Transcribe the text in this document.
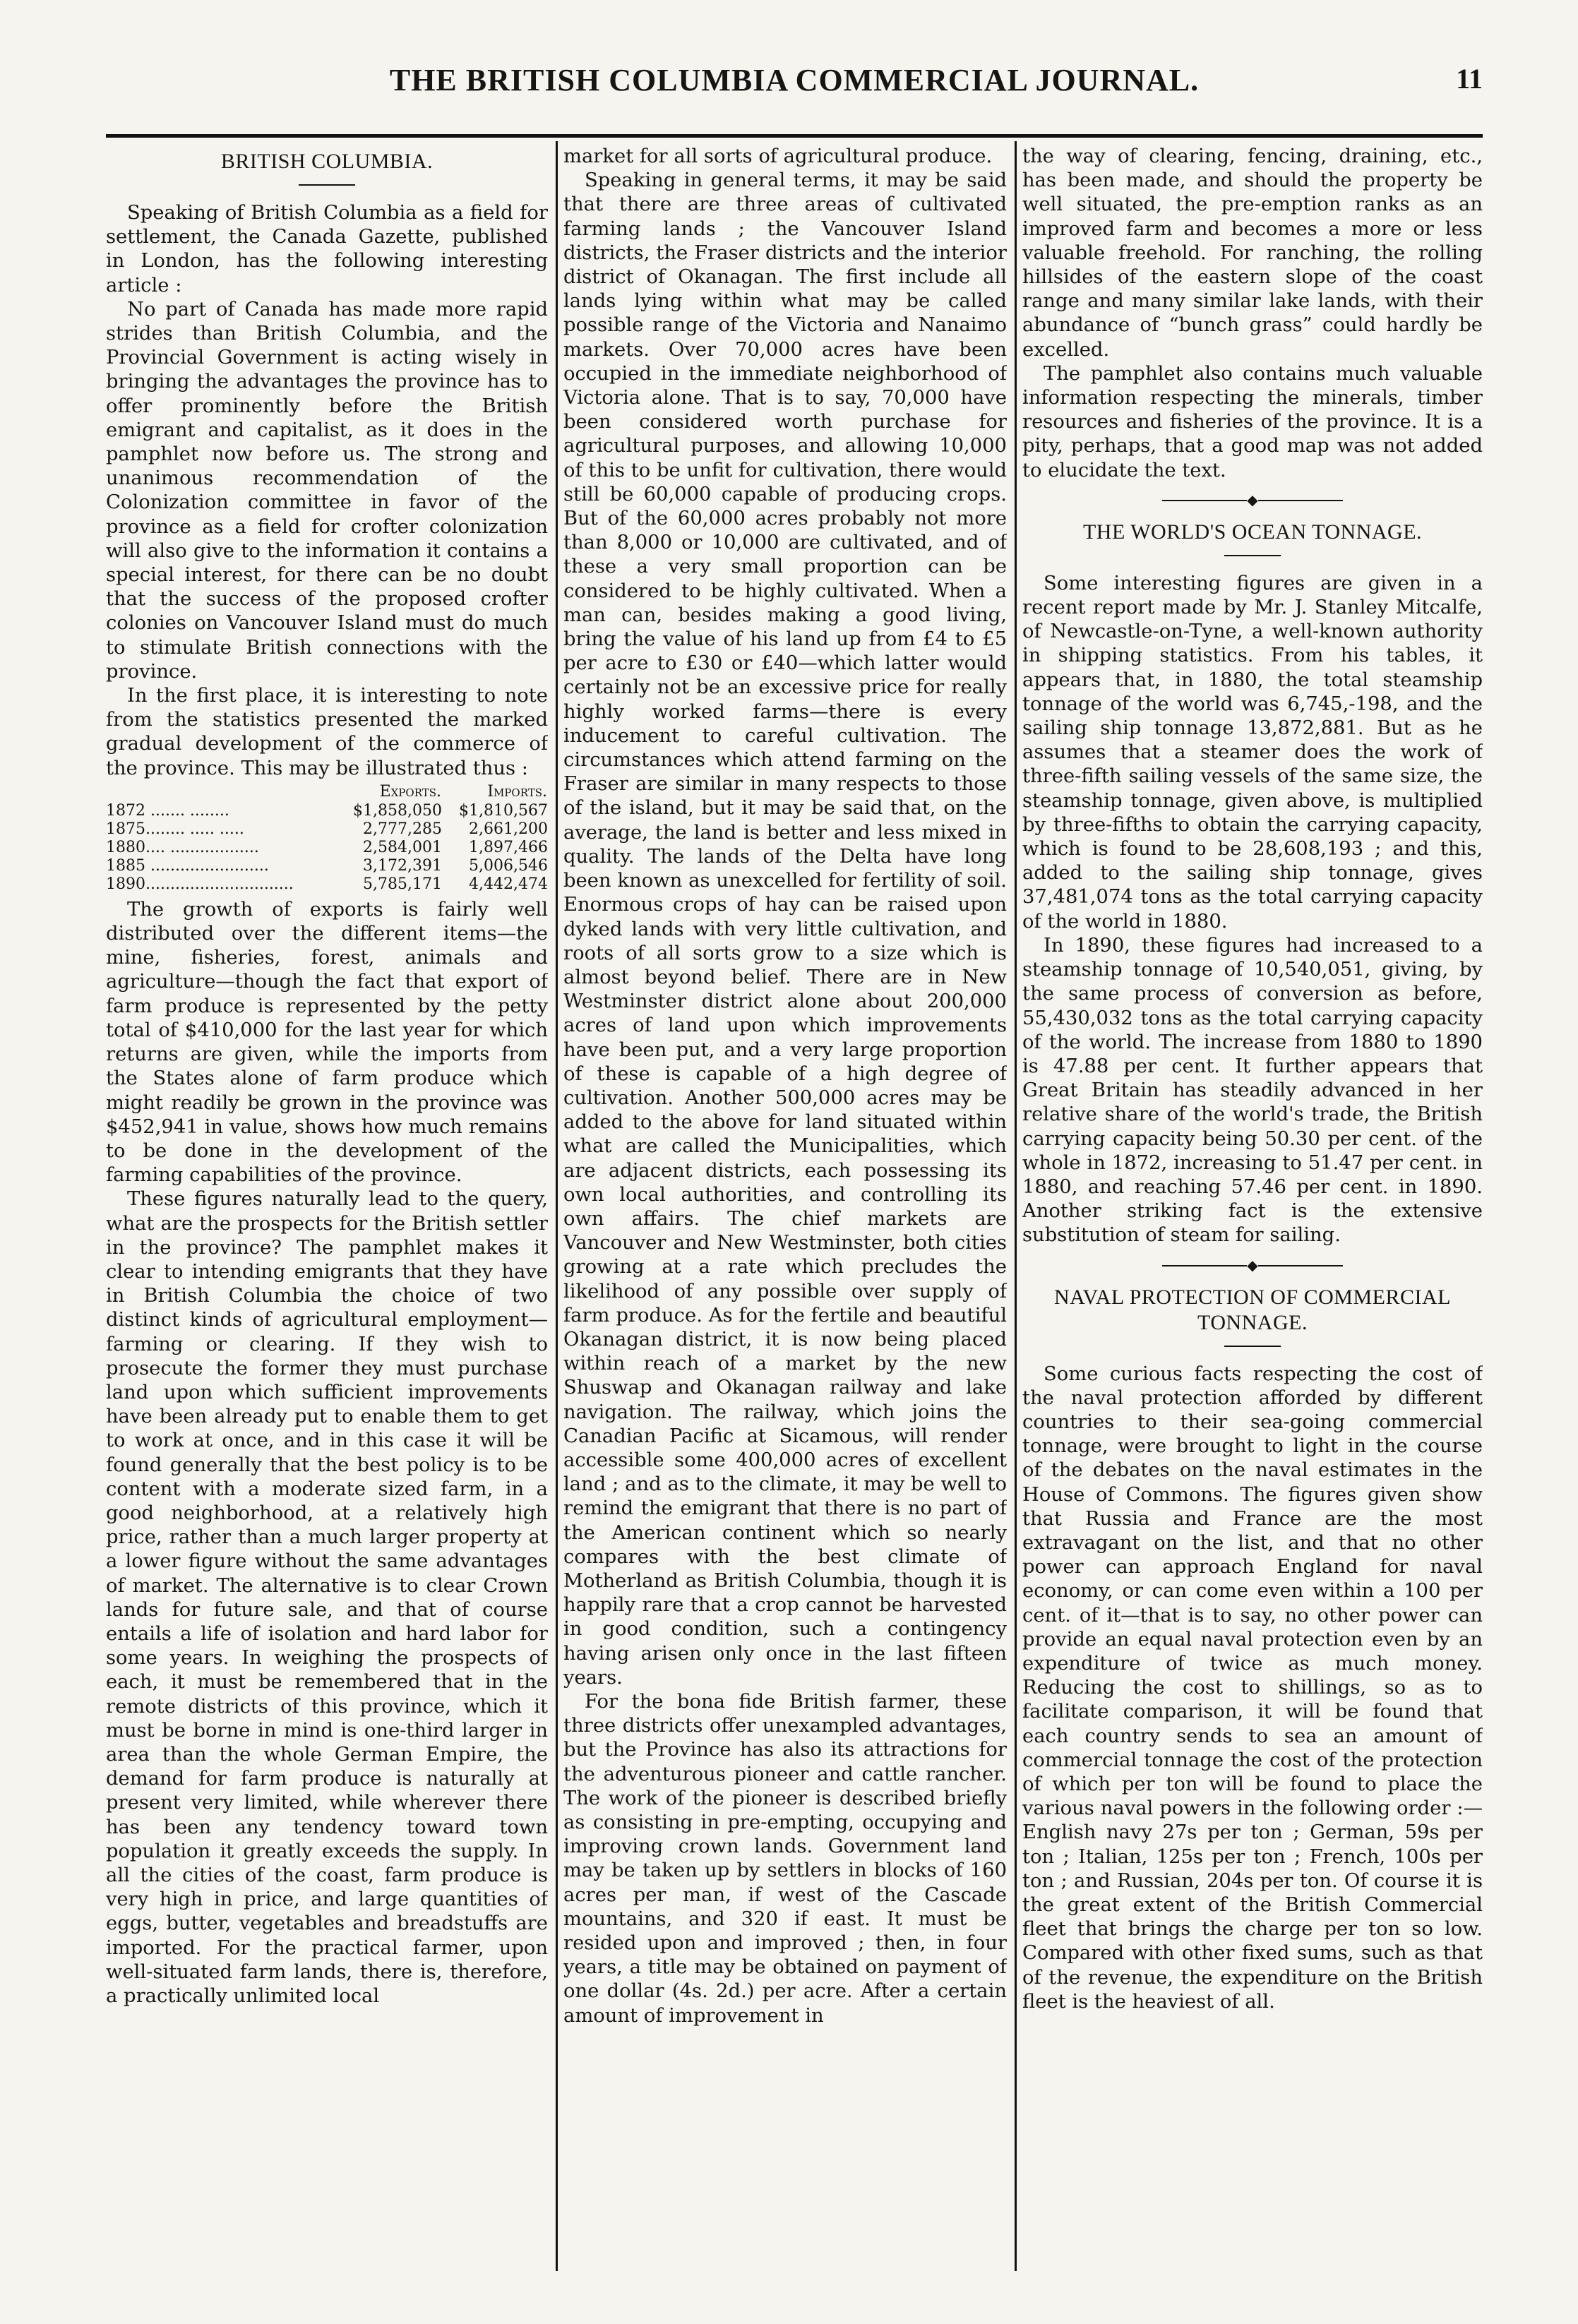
THE BRITISH COLUMBIA COMMERCIAL JOURNAL.	11
BRITISH COLUMBIA.

Speaking of British Columbia as a field for settlement, the Canada Gazette, published in London, has the following interesting article :

No part of Canada has made more rapid strides than British Columbia, and the Provincial Government is acting wisely in bringing the advantages the province has to offer prominently before the British emigrant and capitalist, as it does in the pamphlet now before us. The strong and unanimous recommendation of the Colonization committee in favor of the province as a field for crofter colonization will also give to the information it contains a special interest, for there can be no doubt that the success of the proposed crofter colonies on Vancouver Island must do much to stimulate British connections with the province.

In the first place, it is interesting to note from the statistics presented the marked gradual development of the commerce of the province. This may be illustrated thus :

	Exports.	Imports.
1872 ....... ........	$1,858,050	$1,810,567
1875........ ..... .....	2,777,285	2,661,200
1880.... ..................	2,584,001	1,897,466
1885 ........................	3,172,391	5,006,546
1890..............................	5,785,171	4,442,474

The growth of exports is fairly well distributed over the different items—the mine, fisheries, forest, animals and agriculture—though the fact that export of farm produce is represented by the petty total of $410,000 for the last year for which returns are given, while the imports from the States alone of farm produce which might readily be grown in the province was $452,941 in value, shows how much remains to be done in the development of the farming capabilities of the province.

These figures naturally lead to the query, what are the prospects for the British settler in the province? The pamphlet makes it clear to intending emigrants that they have in British Columbia the choice of two distinct kinds of agricultural employment—farming or clearing. If they wish to prosecute the former they must purchase land upon which sufficient improvements have been already put to enable them to get to work at once, and in this case it will be found generally that the best policy is to be content with a moderate sized farm, in a good neighborhood, at a relatively high price, rather than a much larger property at a lower figure without the same advantages of market. The alternative is to clear Crown lands for future sale, and that of course entails a life of isolation and hard labor for some years. In weighing the prospects of each, it must be remembered that in the remote districts of this province, which it must be borne in mind is one-third larger in area than the whole German Empire, the demand for farm produce is naturally at present very limited, while wherever there has been any tendency toward town population it greatly exceeds the supply. In all the cities of the coast, farm produce is very high in price, and large quantities of eggs, butter, vegetables and breadstuffs are imported. For the practical farmer, upon well-situated farm lands, there is, therefore, a practically unlimited local

market for all sorts of agricultural produce.

Speaking in general terms, it may be said that there are three areas of cultivated farming lands ; the Vancouver Island districts, the Fraser districts and the interior district of Okanagan. The first include all lands lying within what may be called possible range of the Victoria and Nanaimo markets. Over 70,000 acres have been occupied in the immediate neighborhood of Victoria alone. That is to say, 70,000 have been considered worth purchase for agricultural purposes, and allowing 10,000 of this to be unfit for cultivation, there would still be 60,000 capable of producing crops. But of the 60,000 acres probably not more than 8,000 or 10,000 are cultivated, and of these a very small proportion can be considered to be highly cultivated. When a man can, besides making a good living, bring the value of his land up from £4 to £5 per acre to £30 or £40—which latter would certainly not be an excessive price for really highly worked farms—there is every inducement to careful cultivation. The circumstances which attend farming on the Fraser are similar in many respects to those of the island, but it may be said that, on the average, the land is better and less mixed in quality. The lands of the Delta have long been known as unexcelled for fertility of soil. Enormous crops of hay can be raised upon dyked lands with very little cultivation, and roots of all sorts grow to a size which is almost beyond belief. There are in New Westminster district alone about 200,000 acres of land upon which improvements have been put, and a very large proportion of these is capable of a high degree of cultivation. Another 500,000 acres may be added to the above for land situated within what are called the Municipalities, which are adjacent districts, each possessing its own local authorities, and controlling its own affairs. The chief markets are Vancouver and New Westminster, both cities growing at a rate which precludes the likelihood of any possible over supply of farm produce. As for the fertile and beautiful Okanagan district, it is now being placed within reach of a market by the new Shuswap and Okanagan railway and lake navigation. The railway, which joins the Canadian Pacific at Sicamous, will render accessible some 400,000 acres of excellent land ; and as to the climate, it may be well to remind the emigrant that there is no part of the American continent which so nearly compares with the best climate of Motherland as British Columbia, though it is happily rare that a crop cannot be harvested in good condition, such a contingency having arisen only once in the last fifteen years.

For the bona fide British farmer, these three districts offer unexampled advantages, but the Province has also its attractions for the adventurous pioneer and cattle rancher. The work of the pioneer is described briefly as consisting in pre-empting, occupying and improving crown lands. Government land may be taken up by settlers in blocks of 160 acres per man, if west of the Cascade mountains, and 320 if east. It must be resided upon and improved ; then, in four years, a title may be obtained on payment of one dollar (4s. 2d.) per acre. After a certain amount of improvement in

the way of clearing, fencing, draining, etc., has been made, and should the property be well situated, the pre-emption ranks as an improved farm and becomes a more or less valuable freehold. For ranching, the rolling hillsides of the eastern slope of the coast range and many similar lake lands, with their abundance of “bunch grass” could hardly be excelled.

The pamphlet also contains much valuable information respecting the minerals, timber resources and fisheries of the province. It is a pity, perhaps, that a good map was not added to elucidate the text.

◆
THE WORLD'S OCEAN TONNAGE.

Some interesting figures are given in a recent report made by Mr. J. Stanley Mitcalfe, of Newcastle-on-Tyne, a well-known authority in shipping statistics. From his tables, it appears that, in 1880, the total steamship tonnage of the world was 6,745,-198, and the sailing ship tonnage 13,872,881. But as he assumes that a steamer does the work of three-fifth sailing vessels of the same size, the steamship tonnage, given above, is multiplied by three-fifths to obtain the carrying capacity, which is found to be 28,608,193 ; and this, added to the sailing ship tonnage, gives 37,481,074 tons as the total carrying capacity of the world in 1880.

In 1890, these figures had increased to a steamship tonnage of 10,540,051, giving, by the same process of conversion as before, 55,430,032 tons as the total carrying capacity of the world. The increase from 1880 to 1890 is 47.88 per cent. It further appears that Great Britain has steadily advanced in her relative share of the world's trade, the British carrying capacity being 50.30 per cent. of the whole in 1872, increasing to 51.47 per cent. in 1880, and reaching 57.46 per cent. in 1890. Another striking fact is the extensive substitution of steam for sailing.

◆
NAVAL PROTECTION OF COMMERCIAL TONNAGE.

Some curious facts respecting the cost of the naval protection afforded by different countries to their sea-going commercial tonnage, were brought to light in the course of the debates on the naval estimates in the House of Commons. The figures given show that Russia and France are the most extravagant on the list, and that no other power can approach England for naval economy, or can come even within a 100 per cent. of it—that is to say, no other power can provide an equal naval protection even by an expenditure of twice as much money. Reducing the cost to shillings, so as to facilitate comparison, it will be found that each country sends to sea an amount of commercial tonnage the cost of the protection of which per ton will be found to place the various naval powers in the following order :—English navy 27s per ton ; German, 59s per ton ; Italian, 125s per ton ; French, 100s per ton ; and Russian, 204s per ton. Of course it is the great extent of the British Commercial fleet that brings the charge per ton so low. Compared with other fixed sums, such as that of the revenue, the expenditure on the British fleet is the heaviest of all.
